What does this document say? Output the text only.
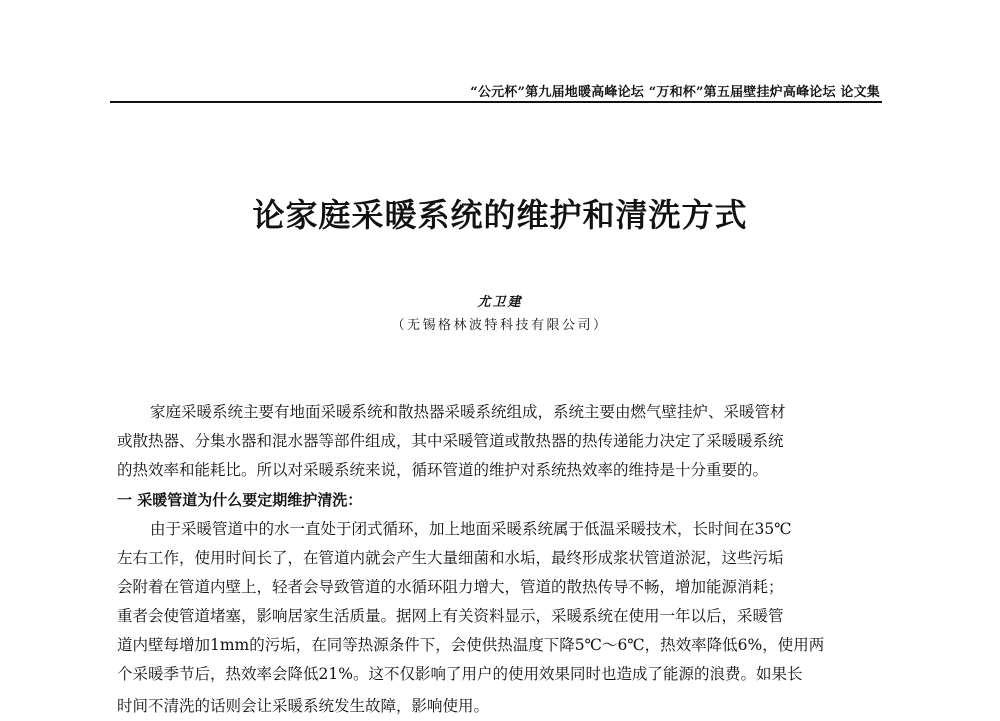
“公元杯”第九届地暖高峰论坛 “万和杯”第五届壁挂炉高峰论坛 论文集
论家庭采暖系统的维护和清洗方式
尤卫建
（无锡格林波特科技有限公司）
家庭采暖系统主要有地面采暖系统和散热器采暖系统组成，系统主要由燃气壁挂炉、采暖管材
或散热器、分集水器和混水器等部件组成，其中采暖管道或散热器的热传递能力决定了采暖暖系统
的热效率和能耗比。所以对采暖系统来说，循环管道的维护对系统热效率的维持是十分重要的。
一 采暖管道为什么要定期维护清洗：
由于采暖管道中的水一直处于闭式循环，加上地面采暖系统属于低温采暖技术，长时间在35℃
左右工作，使用时间长了，在管道内就会产生大量细菌和水垢，最终形成浆状管道淤泥，这些污垢
会附着在管道内壁上，轻者会导致管道的水循环阻力增大，管道的散热传导不畅，增加能源消耗；
重者会使管道堵塞，影响居家生活质量。据网上有关资料显示，采暖系统在使用一年以后，采暖管
道内壁每增加1mm的污垢，在同等热源条件下，会使供热温度下降5℃～6℃，热效率降低6%，使用两
个采暖季节后，热效率会降低21%。这不仅影响了用户的使用效果同时也造成了能源的浪费。如果长
时间不清洗的话则会让采暖系统发生故障，影响使用。
